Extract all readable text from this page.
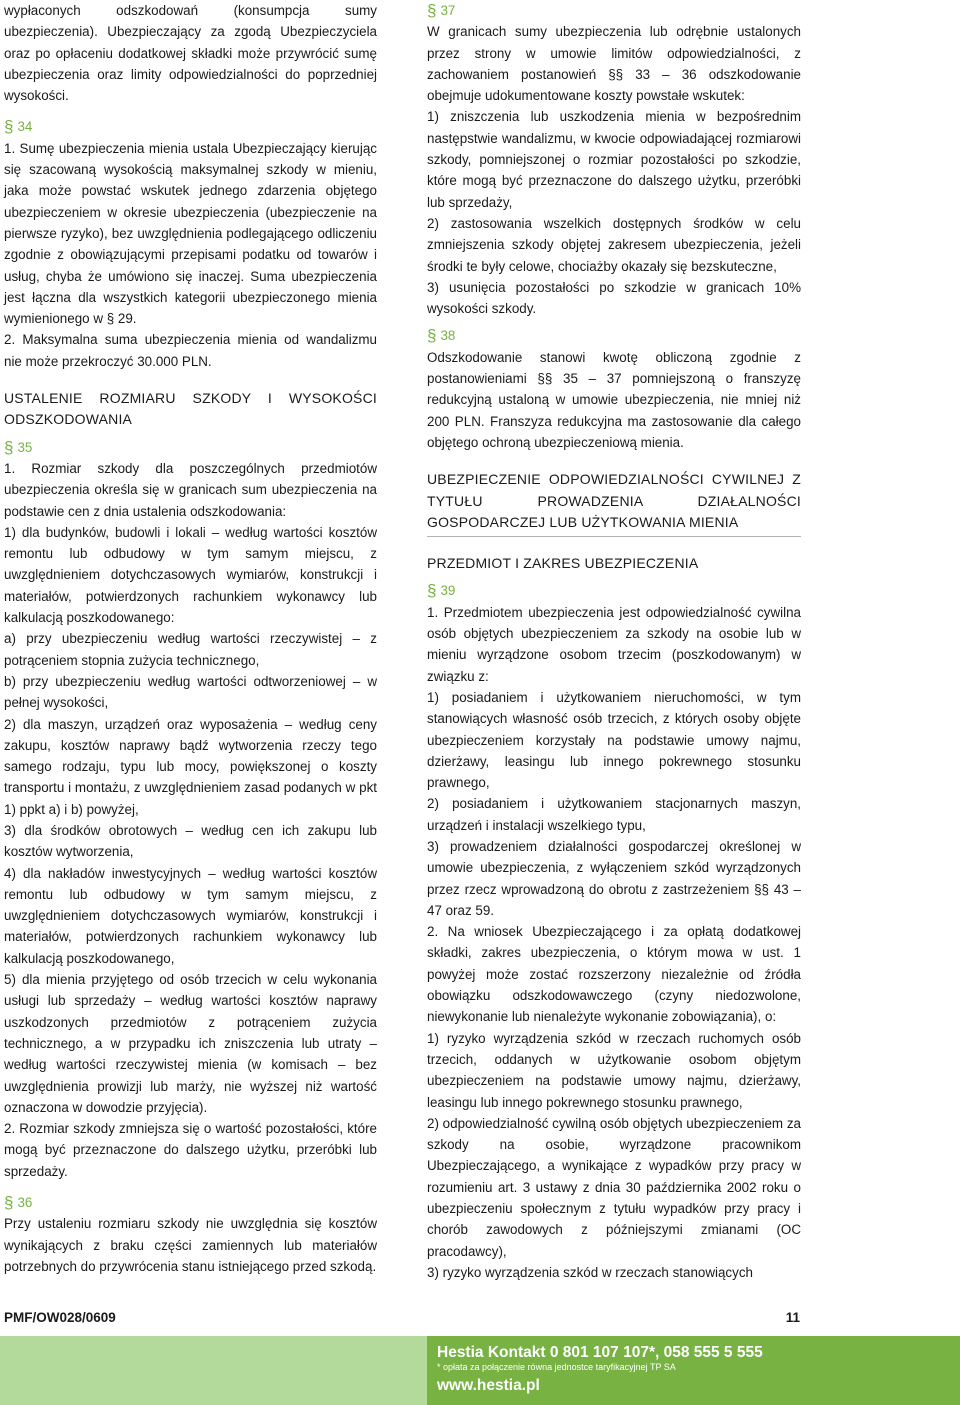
wypłaconych odszkodowań (konsumpcja sumy ubezpieczenia). Ubezpieczający za zgodą Ubezpieczyciela oraz po opłaceniu dodatkowej składki może przywrócić sumę ubezpieczenia oraz limity odpowiedzialności do poprzedniej wysokości.

§ 34

1. Sumę ubezpieczenia mienia ustala Ubezpieczający kierując się szacowaną wysokością maksymalnej szkody w mieniu, jaka może powstać wskutek jednego zdarzenia objętego ubezpieczeniem w okresie ubezpieczenia (ubezpieczenie na pierwsze ryzyko), bez uwzględnienia podlegającego odliczeniu zgodnie z obowiązującymi przepisami podatku od towarów i usług, chyba że umówiono się inaczej. Suma ubezpieczenia jest łączna dla wszystkich kategorii ubezpieczonego mienia wymienionego w § 29.

2. Maksymalna suma ubezpieczenia mienia od wandalizmu nie może przekroczyć 30.000 PLN.

USTALENIE ROZMIARU SZKODY I WYSOKOŚCI ODSZKODOWANIA

§ 35

1. Rozmiar szkody dla poszczególnych przedmiotów ubezpieczenia określa się w granicach sum ubezpieczenia na podstawie cen z dnia ustalenia odszkodowania:

1) dla budynków, budowli i lokali – według wartości kosztów remontu lub odbudowy w tym samym miejscu, z uwzględnieniem dotychczasowych wymiarów, konstrukcji i materiałów, potwierdzonych rachunkiem wykonawcy lub kalkulacją poszkodowanego:

a) przy ubezpieczeniu według wartości rzeczywistej – z potrąceniem stopnia zużycia technicznego,

b) przy ubezpieczeniu według wartości odtworzeniowej – w pełnej wysokości,

2) dla maszyn, urządzeń oraz wyposażenia – według ceny zakupu, kosztów naprawy bądź wytworzenia rzeczy tego samego rodzaju, typu lub mocy, powiększonej o koszty transportu i montażu, z uwzględnieniem zasad podanych w pkt 1) ppkt a) i b) powyżej,

3) dla środków obrotowych – według cen ich zakupu lub kosztów wytworzenia,

4) dla nakładów inwestycyjnych – według wartości kosztów remontu lub odbudowy w tym samym miejscu, z uwzględnieniem dotychczasowych wymiarów, konstrukcji i materiałów, potwierdzonych rachunkiem wykonawcy lub kalkulacją poszkodowanego,

5) dla mienia przyjętego od osób trzecich w celu wykonania usługi lub sprzedaży – według wartości kosztów naprawy uszkodzonych przedmiotów z potrąceniem zużycia technicznego, a w przypadku ich zniszczenia lub utraty – według wartości rzeczywistej mienia (w komisach – bez uwzględnienia prowizji lub marży, nie wyższej niż wartość oznaczona w dowodzie przyjęcia).

2. Rozmiar szkody zmniejsza się o wartość pozostałości, które mogą być przeznaczone do dalszego użytku, przeróbki lub sprzedaży.

§ 36

Przy ustaleniu rozmiaru szkody nie uwzględnia się kosztów wynikających z braku części zamiennych lub materiałów potrzebnych do przywrócenia stanu istniejącego przed szkodą.

§ 37

W granicach sumy ubezpieczenia lub odrębnie ustalonych przez strony w umowie limitów odpowiedzialności, z zachowaniem postanowień §§ 33 – 36 odszkodowanie obejmuje udokumentowane koszty powstałe wskutek:

1) zniszczenia lub uszkodzenia mienia w bezpośrednim następstwie wandalizmu, w kwocie odpowiadającej rozmiarowi szkody, pomniejszonej o rozmiar pozostałości po szkodzie, które mogą być przeznaczone do dalszego użytku, przeróbki lub sprzedaży,

2) zastosowania wszelkich dostępnych środków w celu zmniejszenia szkody objętej zakresem ubezpieczenia, jeżeli środki te były celowe, chociażby okazały się bezskuteczne,

3) usunięcia pozostałości po szkodzie w granicach 10% wysokości szkody.

§ 38

Odszkodowanie stanowi kwotę obliczoną zgodnie z postanowieniami §§ 35 – 37 pomniejszoną o franszyzę redukcyjną ustaloną w umowie ubezpieczenia, nie mniej niż 200 PLN. Franszyza redukcyjna ma zastosowanie dla całego objętego ochroną ubezpieczeniową mienia.

UBEZPIECZENIE ODPOWIEDZIALNOŚCI CYWILNEJ Z TYTUŁU PROWADZENIA DZIAŁALNOŚCI GOSPODARCZEJ LUB UŻYTKOWANIA MIENIA

PRZEDMIOT I ZAKRES UBEZPIECZENIA

§ 39

1. Przedmiotem ubezpieczenia jest odpowiedzialność cywilna osób objętych ubezpieczeniem za szkody na osobie lub w mieniu wyrządzone osobom trzecim (poszkodowanym) w związku z:

1) posiadaniem i użytkowaniem nieruchomości, w tym stanowiących własność osób trzecich, z których osoby objęte ubezpieczeniem korzystały na podstawie umowy najmu, dzierżawy, leasingu lub innego pokrewnego stosunku prawnego,

2) posiadaniem i użytkowaniem stacjonarnych maszyn, urządzeń i instalacji wszelkiego typu,

3) prowadzeniem działalności gospodarczej określonej w umowie ubezpieczenia, z wyłączeniem szkód wyrządzonych przez rzecz wprowadzoną do obrotu z zastrzeżeniem §§ 43 – 47 oraz 59.

2. Na wniosek Ubezpieczającego i za opłatą dodatkowej składki, zakres ubezpieczenia, o którym mowa w ust. 1 powyżej może zostać rozszerzony niezależnie od źródła obowiązku odszkodowawczego (czyny niedozwolone, niewykonanie lub nienależyte wykonanie zobowiązania), o:

1) ryzyko wyrządzenia szkód w rzeczach ruchomych osób trzecich, oddanych w użytkowanie osobom objętym ubezpieczeniem na podstawie umowy najmu, dzierżawy, leasingu lub innego pokrewnego stosunku prawnego,

2) odpowiedzialność cywilną osób objętych ubezpieczeniem za szkody na osobie, wyrządzone pracownikom Ubezpieczającego, a wynikające z wypadków przy pracy w rozumieniu art. 3 ustawy z dnia 30 października 2002 roku o ubezpieczeniu społecznym z tytułu wypadków przy pracy i chorób zawodowych z późniejszymi zmianami (OC pracodawcy),

3) ryzyko wyrządzenia szkód w rzeczach stanowiących

PMF/OW028/0609	11
Hestia Kontakt 0 801 107 107*, 058 555 5 555
* opłata za połączenie równa jednostce taryfikacyjnej TP SA
www.hestia.pl
